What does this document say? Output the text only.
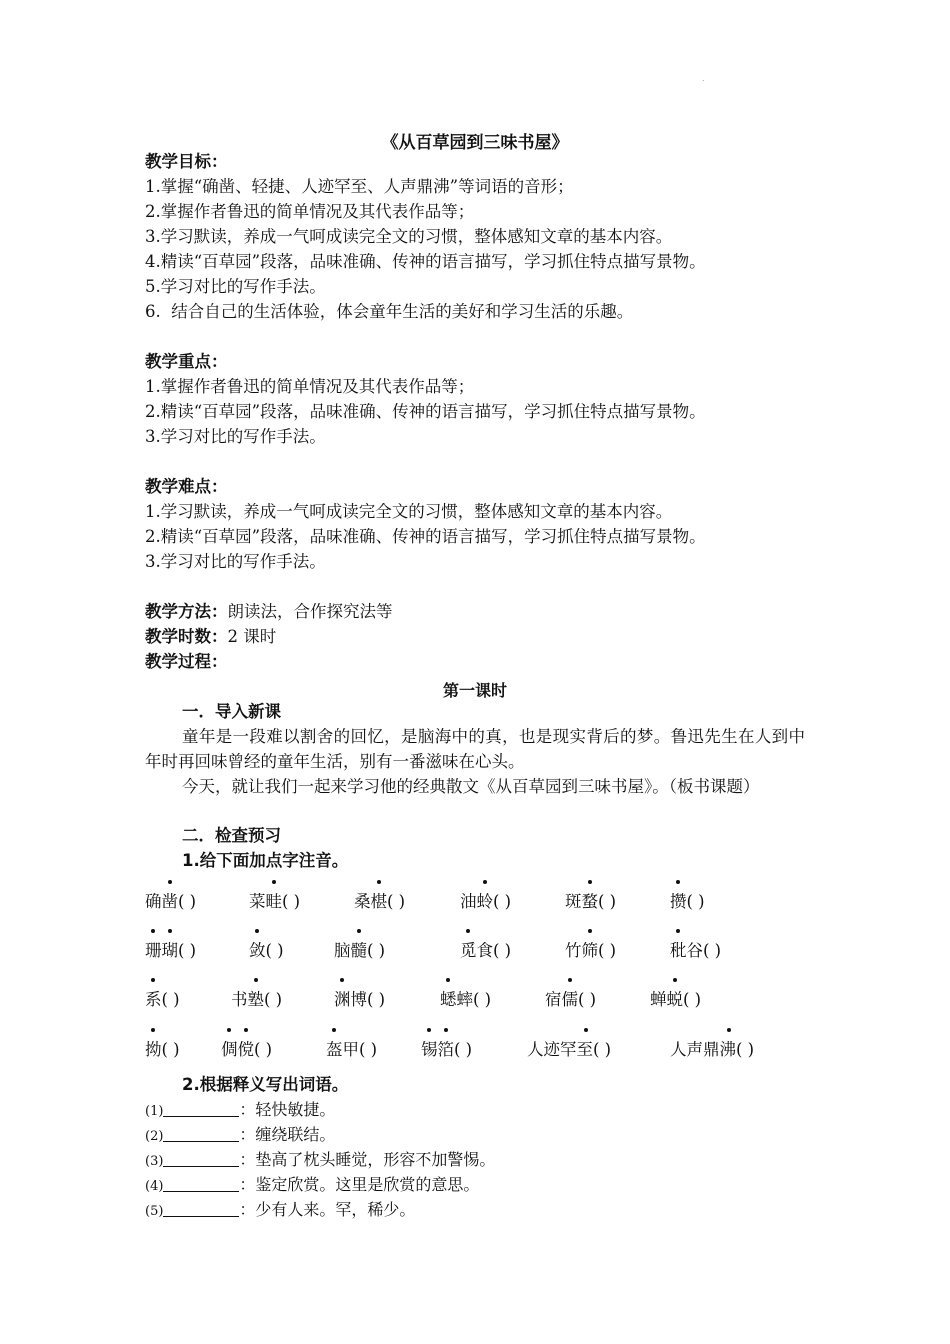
.
《从百草园到三味书屋》
教学目标：
1.掌握“确凿、轻捷、人迹罕至、人声鼎沸”等词语的音形；
2.掌握作者鲁迅的简单情况及其代表作品等；
3.学习默读，养成一气呵成读完全文的习惯，整体感知文章的基本内容。
4.精读“百草园”段落，品味准确、传神的语言描写，学习抓住特点描写景物。
5.学习对比的写作手法。
6.  结合自己的生活体验，体会童年生活的美好和学习生活的乐趣。
教学重点：
1.掌握作者鲁迅的简单情况及其代表作品等；
2.精读“百草园”段落，品味准确、传神的语言描写，学习抓住特点描写景物。
3.学习对比的写作手法。
教学难点：
1.学习默读，养成一气呵成读完全文的习惯，整体感知文章的基本内容。
2.精读“百草园”段落，品味准确、传神的语言描写，学习抓住特点描写景物。
3.学习对比的写作手法。
教学方法：朗读法，合作探究法等
教学时数：2 课时
教学过程：
第一课时
一．导入新课
童年是一段难以割舍的回忆，是脑海中的真，也是现实背后的梦。鲁迅先生在人到中年时再回味曾经的童年生活，别有一番滋味在心头。
今天，就让我们一起来学习他的经典散文《从百草园到三味书屋》。（板书课题）
二．检查预习
1.给下面加点字注音。
确凿( )	菜畦( )	桑椹( )	油蛉( )	斑蝥( )	攒( )
珊瑚( )	敛( )	脑髓( )	觅食( )	竹筛( )	秕谷( )
系( )	书塾( )	渊博( )	蟋蟀( )	宿儒( )	蝉蜕( )
拗( )	倜傥( )	盔甲( )	锡箔( )	人迹罕至( )	人声鼎沸( )
2.根据释义写出词语。
(1)	：轻快敏捷。
(2)	：缠绕联结。
(3)	：垫高了枕头睡觉，形容不加警惕。
(4)	：鉴定欣赏。这里是欣赏的意思。
(5)	：少有人来。罕，稀少。
